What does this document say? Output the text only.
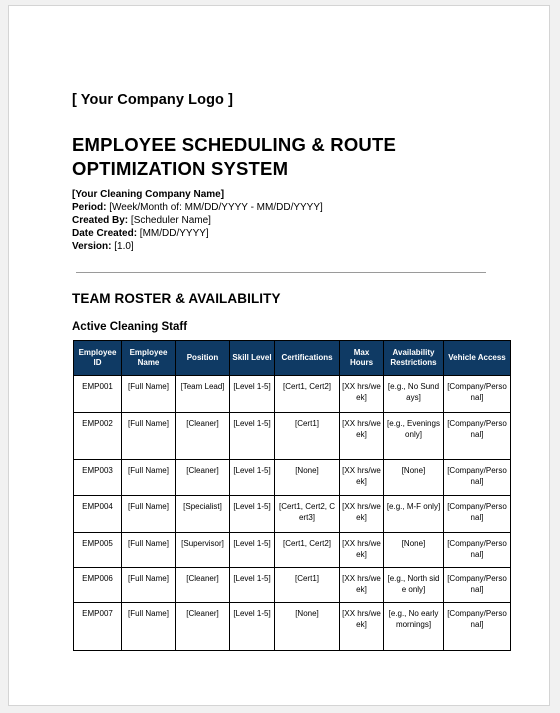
[ Your Company Logo ]
EMPLOYEE SCHEDULING & ROUTE
OPTIMIZATION SYSTEM
[Your Cleaning Company Name]
Period: [Week/Month of: MM/DD/YYYY - MM/DD/YYYY]
Created By: [Scheduler Name]
Date Created: [MM/DD/YYYY]
Version: [1.0]
TEAM ROSTER & AVAILABILITY
Active Cleaning Staff
Employee ID	Employee Name	Position	Skill Level	Certifications	Max Hours	Availability Restrictions	Vehicle Access
EMP001	[Full Name]	[Team Lead]	[Level 1-5]	[Cert1, Cert2]	[XX hrs/week]	[e.g., No Sundays]	[Company/Personal]
EMP002	[Full Name]	[Cleaner]	[Level 1-5]	[Cert1]	[XX hrs/week]	[e.g., Evenings only]	[Company/Personal]
EMP003	[Full Name]	[Cleaner]	[Level 1-5]	[None]	[XX hrs/week]	[None]	[Company/Personal]
EMP004	[Full Name]	[Specialist]	[Level 1-5]	[Cert1, Cert2, Cert3]	[XX hrs/week]	[e.g., M-F only]	[Company/Personal]
EMP005	[Full Name]	[Supervisor]	[Level 1-5]	[Cert1, Cert2]	[XX hrs/week]	[None]	[Company/Personal]
EMP006	[Full Name]	[Cleaner]	[Level 1-5]	[Cert1]	[XX hrs/week]	[e.g., North side only]	[Company/Personal]
EMP007	[Full Name]	[Cleaner]	[Level 1-5]	[None]	[XX hrs/week]	[e.g., No early mornings]	[Company/Personal]
